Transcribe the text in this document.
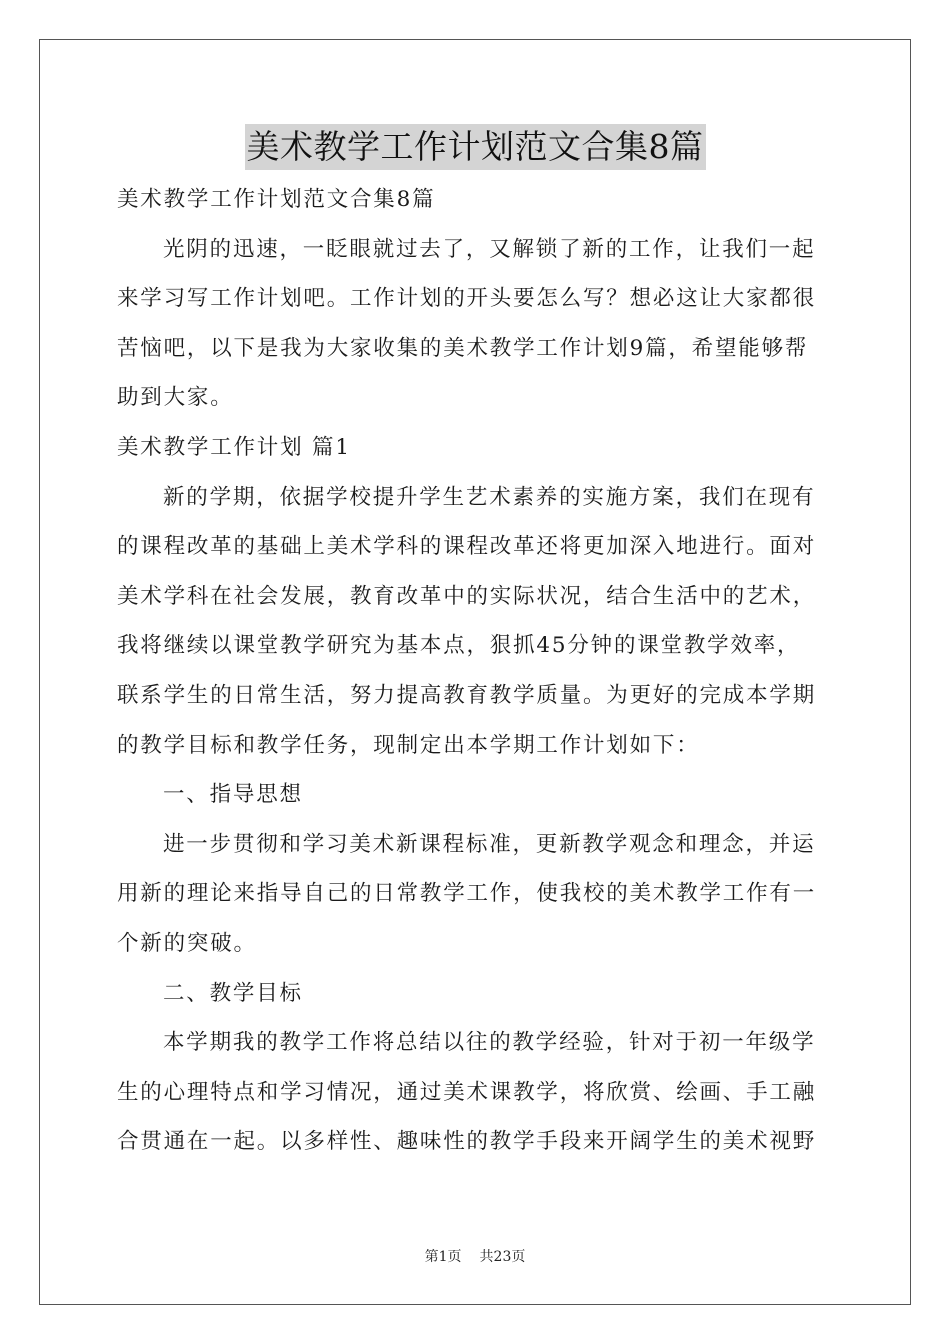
美术教学工作计划范文合集8篇
美术教学工作计划范文合集8篇
光阴的迅速，一眨眼就过去了，又解锁了新的工作，让我们一起
来学习写工作计划吧。工作计划的开头要怎么写？想必这让大家都很
苦恼吧，以下是我为大家收集的美术教学工作计划9篇，希望能够帮
助到大家。
美术教学工作计划 篇1
新的学期，依据学校提升学生艺术素养的实施方案，我们在现有
的课程改革的基础上美术学科的课程改革还将更加深入地进行。面对
美术学科在社会发展，教育改革中的实际状况，结合生活中的艺术，
我将继续以课堂教学研究为基本点，狠抓45分钟的课堂教学效率，
联系学生的日常生活，努力提高教育教学质量。为更好的完成本学期
的教学目标和教学任务，现制定出本学期工作计划如下：
一、指导思想
进一步贯彻和学习美术新课程标准，更新教学观念和理念，并运
用新的理论来指导自己的日常教学工作，使我校的美术教学工作有一
个新的突破。
二、教学目标
本学期我的教学工作将总结以往的教学经验，针对于初一年级学
生的心理特点和学习情况，通过美术课教学，将欣赏、绘画、手工融
合贯通在一起。以多样性、趣味性的教学手段来开阔学生的美术视野
第1页 共23页
